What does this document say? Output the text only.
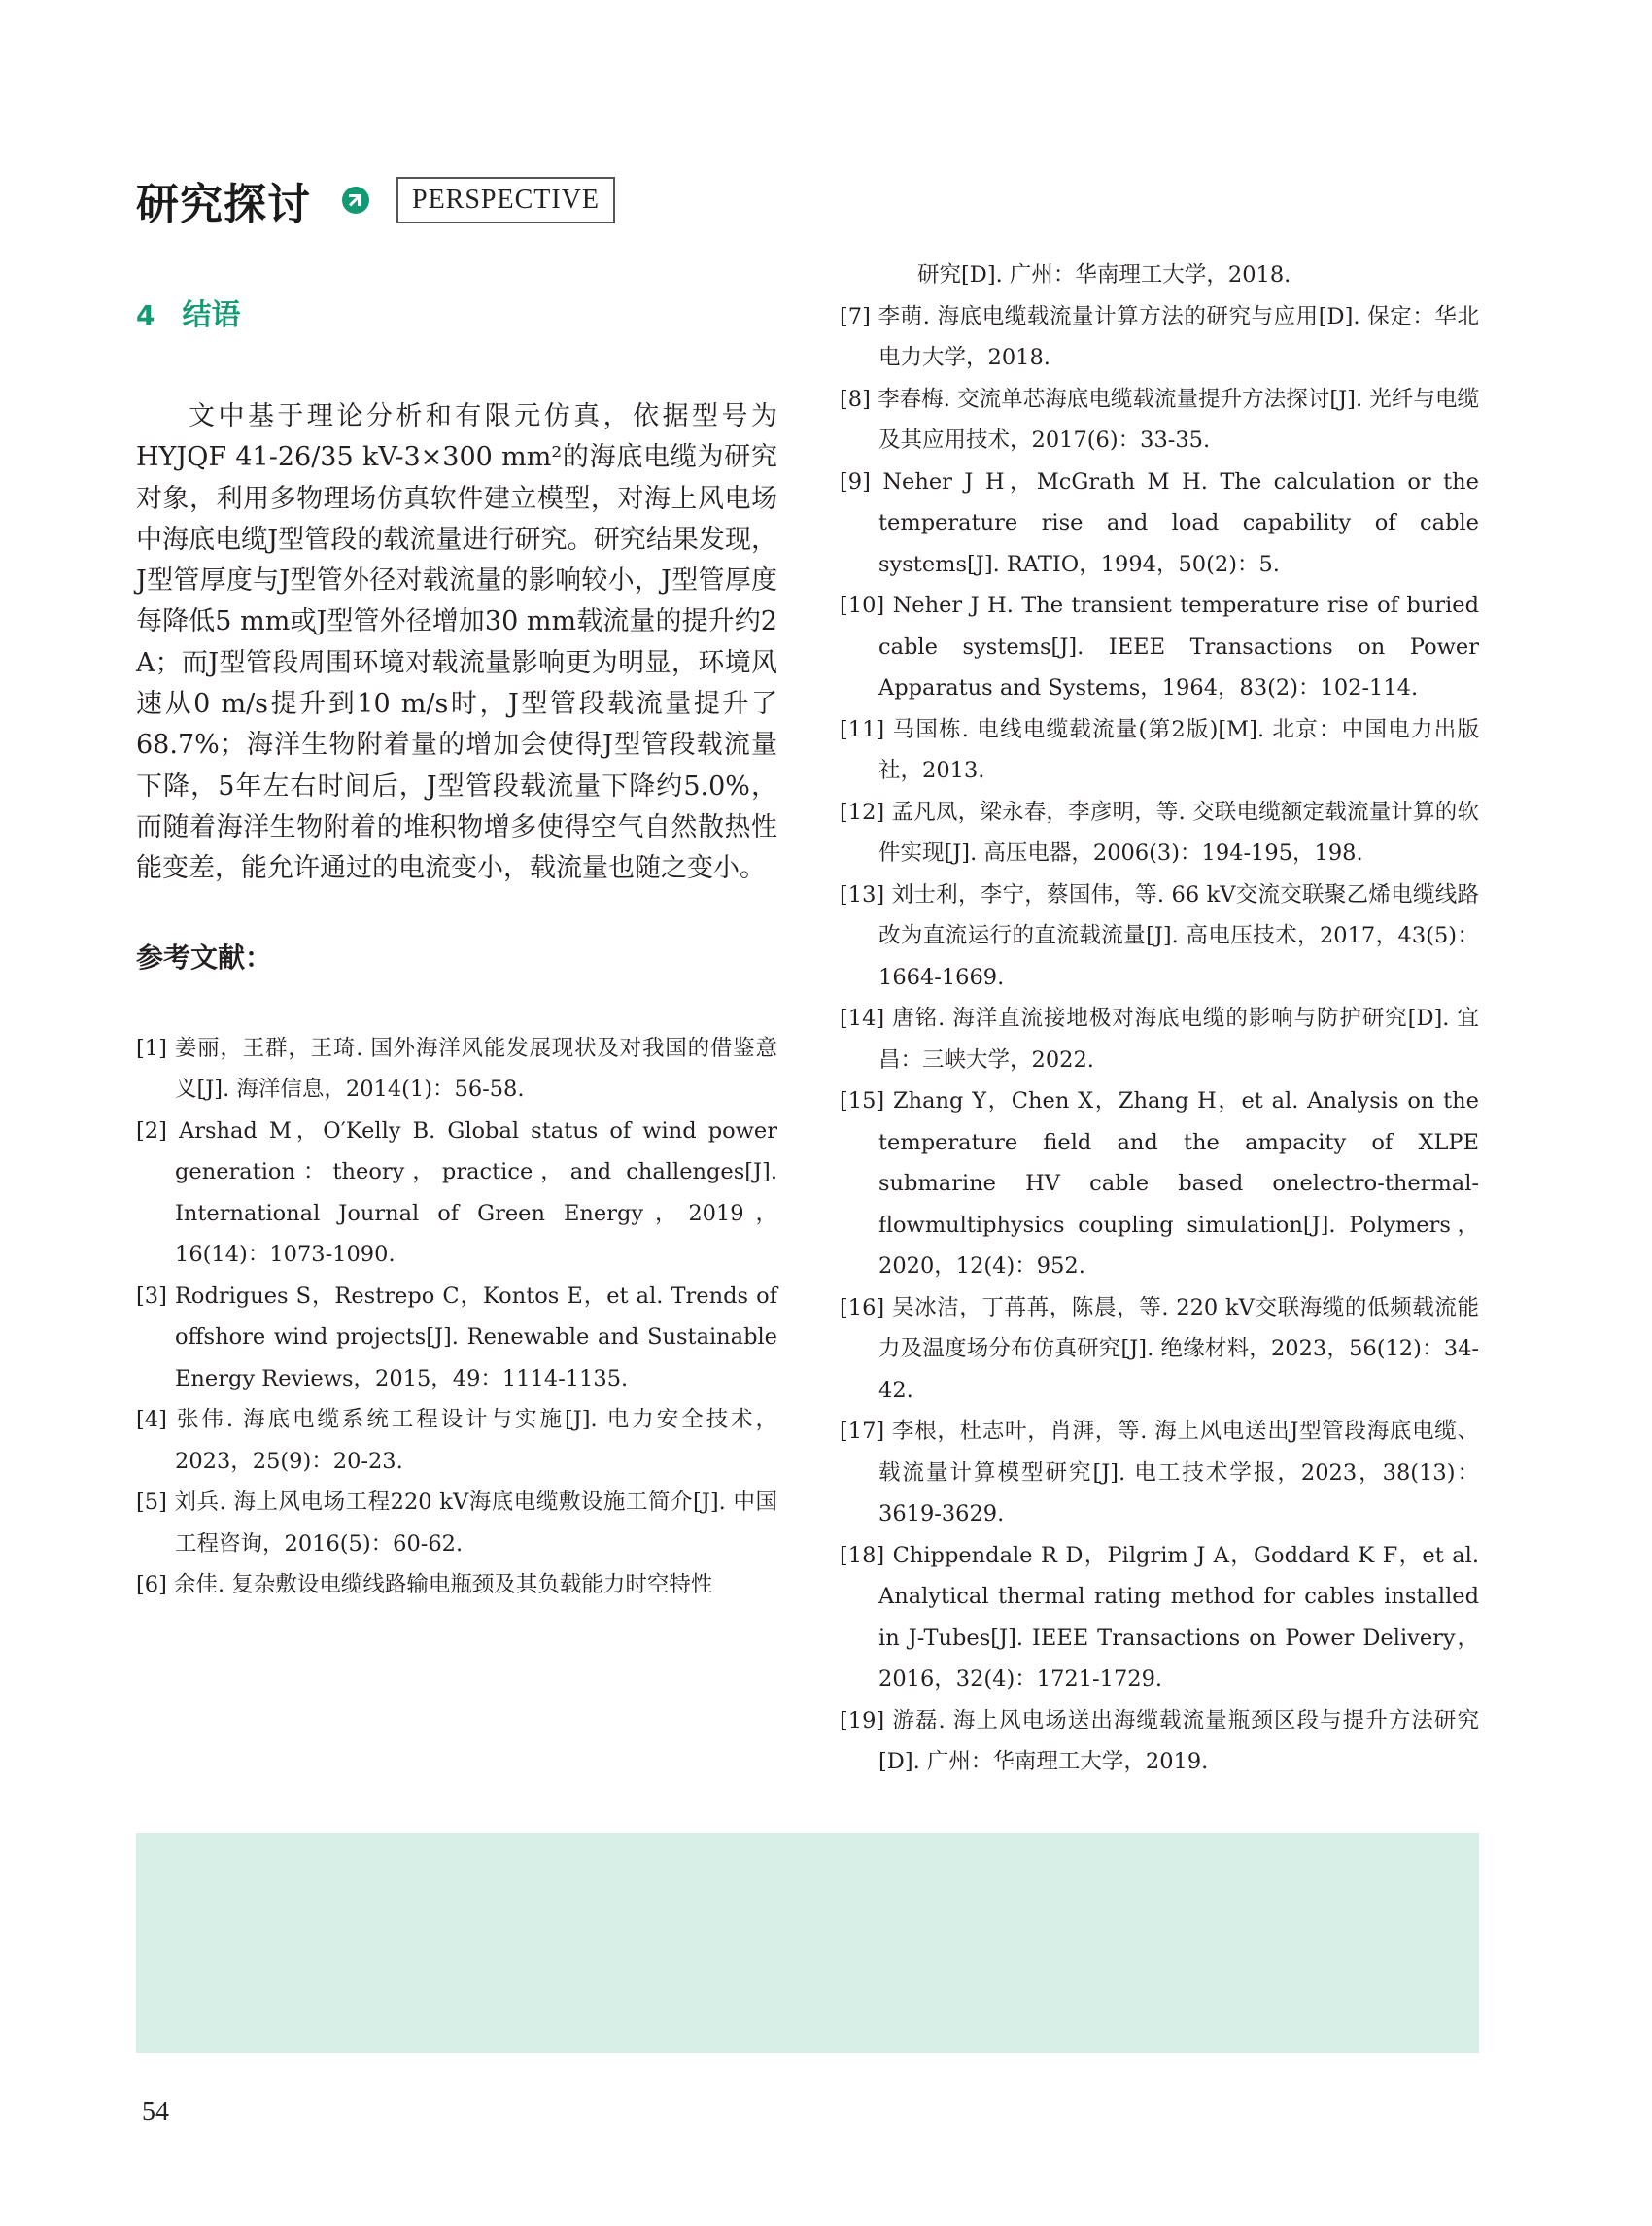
研究探讨	PERSPECTIVE
4 结语

文中基于理论分析和有限元仿真，依据型号为HYJQF 41-26/35 kV-3×300 mm²的海底电缆为研究对象，利用多物理场仿真软件建立模型，对海上风电场中海底电缆J型管段的载流量进行研究。研究结果发现，J型管厚度与J型管外径对载流量的影响较小，J型管厚度每降低5 mm或J型管外径增加30 mm载流量的提升约2 A；而J型管段周围环境对载流量影响更为明显，环境风速从0 m/s提升到10 m/s时，J型管段载流量提升了68.7%；海洋生物附着量的增加会使得J型管段载流量下降，5年左右时间后，J型管段载流量下降约5.0%，而随着海洋生物附着的堆积物增多使得空气自然散热性能变差，能允许通过的电流变小，载流量也随之变小。

参考文献：
[1] 姜丽，王群，王琦. 国外海洋风能发展现状及对我国的借鉴意义[J]. 海洋信息，2014(1)：56-58.
[2] Arshad M，O′Kelly B. Global status of wind power generation：theory，practice，and challenges[J]. International Journal of Green Energy，2019，16(14)：1073-1090.
[3] Rodrigues S，Restrepo C，Kontos E，et al. Trends of offshore wind projects[J]. Renewable and Sustainable Energy Reviews，2015，49：1114-1135.
[4] 张伟. 海底电缆系统工程设计与实施[J]. 电力安全技术，2023，25(9)：20-23.
[5] 刘兵. 海上风电场工程220 kV海底电缆敷设施工简介[J]. 中国工程咨询，2016(5)：60-62.
[6] 余佳. 复杂敷设电缆线路输电瓶颈及其负载能力时空特性
研究[D]. 广州：华南理工大学，2018.
[7] 李萌. 海底电缆载流量计算方法的研究与应用[D]. 保定：华北电力大学，2018.
[8] 李春梅. 交流单芯海底电缆载流量提升方法探讨[J]. 光纤与电缆及其应用技术，2017(6)：33-35.
[9] Neher J H，McGrath M H. The calculation or the temperature rise and load capability of cable systems[J]. RATIO，1994，50(2)：5.
[10] Neher J H. The transient temperature rise of buried cable systems[J]. IEEE Transactions on Power Apparatus and Systems，1964，83(2)：102-114.
[11] 马国栋. 电线电缆载流量(第2版)[M]. 北京：中国电力出版社，2013.
[12] 孟凡凤，梁永春，李彦明，等. 交联电缆额定载流量计算的软件实现[J]. 高压电器，2006(3)：194-195，198.
[13] 刘士利，李宁，蔡国伟，等. 66 kV交流交联聚乙烯电缆线路改为直流运行的直流载流量[J]. 高电压技术，2017，43(5)：1664-1669.
[14] 唐铭. 海洋直流接地极对海底电缆的影响与防护研究[D]. 宜昌：三峡大学，2022.
[15] Zhang Y，Chen X，Zhang H，et al. Analysis on the temperature field and the ampacity of XLPE submarine HV cable based onelectro-thermal-flowmultiphysics coupling simulation[J]. Polymers，2020，12(4)：952.
[16] 吴冰洁，丁苒苒，陈晨，等. 220 kV交联海缆的低频载流能力及温度场分布仿真研究[J]. 绝缘材料，2023，56(12)：34-42.
[17] 李根，杜志叶，肖湃，等. 海上风电送出J型管段海底电缆、载流量计算模型研究[J]. 电工技术学报，2023，38(13)：3619-3629.
[18] Chippendale R D，Pilgrim J A，Goddard K F，et al. Analytical thermal rating method for cables installed in J-Tubes[J]. IEEE Transactions on Power Delivery，2016，32(4)：1721-1729.
[19] 游磊. 海上风电场送出海缆载流量瓶颈区段与提升方法研究[D]. 广州：华南理工大学，2019.
54
